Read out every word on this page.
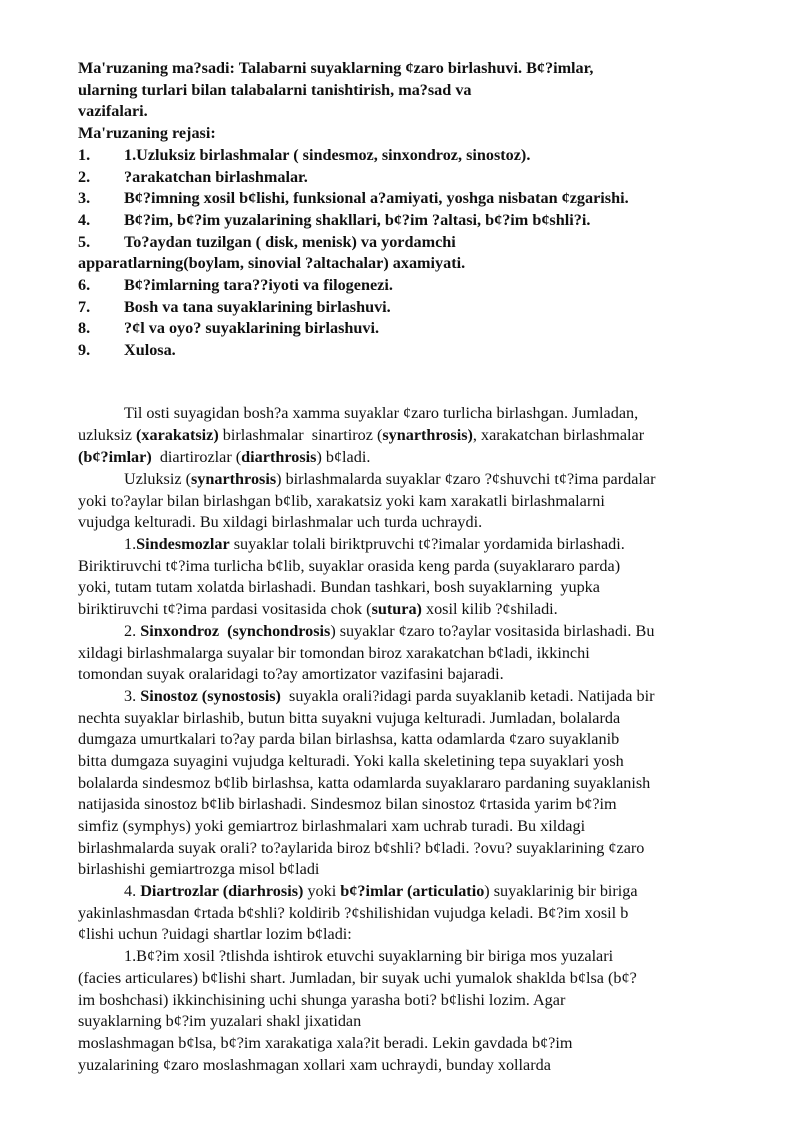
Ma'ruzaning ma?sadi: Talabarni suyaklarning ¢zaro birlashuvi. B¢?imlar,
ularning turlari bilan talabalarni tanishtirish, ma?sad va
vazifalari.
Ma'ruzaning rejasi:
1. 1.Uzluksiz birlashmalar ( sindesmoz, sinxondroz, sinostoz).
2. ?arakatchan birlashmalar.
3. B¢?imning xosil b¢lishi, funksional a?amiyati, yoshga nisbatan ¢zgarishi.
4. B¢?im, b¢?im yuzalarining shakllari, b¢?im ?altasi, b¢?im b¢shli?i.
5. To?aydan tuzilgan ( disk, menisk) va yordamchi
apparatlarning(boylam, sinovial ?altachalar) axamiyati.
6. B¢?imlarning tara??iyoti va filogenezi.
7. Bosh va tana suyaklarining birlashuvi.
8. ?¢l va oyo? suyaklarining birlashuvi.
9. Xulosa.
Til osti suyagidan bosh?a xamma suyaklar ¢zaro turlicha birlashgan. Jumladan,
uzluksiz (xarakatsiz) birlashmalar  sinartiroz (synarthrosis), xarakatchan birlashmalar
(b¢?imlar)  diartirozlar (diarthrosis) b¢ladi.
Uzluksiz (synarthrosis) birlashmalarda suyaklar ¢zaro ?¢shuvchi t¢?ima pardalar
yoki to?aylar bilan birlashgan b¢lib, xarakatsiz yoki kam xarakatli birlashmalarni
vujudga kelturadi. Bu xildagi birlashmalar uch turda uchraydi.
1.Sindesmozlar suyaklar tolali biriktpruvchi t¢?imalar yordamida birlashadi.
Biriktiruvchi t¢?ima turlicha b¢lib, suyaklar orasida keng parda (suyaklararo parda)
yoki, tutam tutam xolatda birlashadi. Bundan tashkari, bosh suyaklarning  yupka
biriktiruvchi t¢?ima pardasi vositasida chok (sutura) xosil kilib ?¢shiladi.
2. Sinxondroz  (synchondrosis) suyaklar ¢zaro to?aylar vositasida birlashadi. Bu
xildagi birlashmalarga suyalar bir tomondan biroz xarakatchan b¢ladi, ikkinchi
tomondan suyak oralaridagi to?ay amortizator vazifasini bajaradi.
3. Sinostoz (synostosis)  suyakla orali?idagi parda suyaklanib ketadi. Natijada bir
nechta suyaklar birlashib, butun bitta suyakni vujuga kelturadi. Jumladan, bolalarda
dumgaza umurtkalari to?ay parda bilan birlashsa, katta odamlarda ¢zaro suyaklanib
bitta dumgaza suyagini vujudga kelturadi. Yoki kalla skeletining tepa suyaklari yosh
bolalarda sindesmoz b¢lib birlashsa, katta odamlarda suyaklararo pardaning suyaklanish
natijasida sinostoz b¢lib birlashadi. Sindesmoz bilan sinostoz ¢rtasida yarim b¢?im
simfiz (symphys) yoki gemiartroz birlashmalari xam uchrab turadi. Bu xildagi
birlashmalarda suyak orali? to?aylarida biroz b¢shli? b¢ladi. ?ovu? suyaklarining ¢zaro
birlashishi gemiartrozga misol b¢ladi
4. Diartrozlar (diarhrosis) yoki b¢?imlar (articulatio) suyaklarinig bir biriga
yakinlashmasdan ¢rtada b¢shli? koldirib ?¢shilishidan vujudga keladi. B¢?im xosil b
¢lishi uchun ?uidagi shartlar lozim b¢ladi:
1.B¢?im xosil ?tlishda ishtirok etuvchi suyaklarning bir biriga mos yuzalari
(facies articulares) b¢lishi shart. Jumladan, bir suyak uchi yumalok shaklda b¢lsa (b¢?
im boshchasi) ikkinchisining uchi shunga yarasha boti? b¢lishi lozim. Agar
suyaklarning b¢?im yuzalari shakl jixatidan
moslashmagan b¢lsa, b¢?im xarakatiga xala?it beradi. Lekin gavdada b¢?im
yuzalarining ¢zaro moslashmagan xollari xam uchraydi, bunday xollarda
